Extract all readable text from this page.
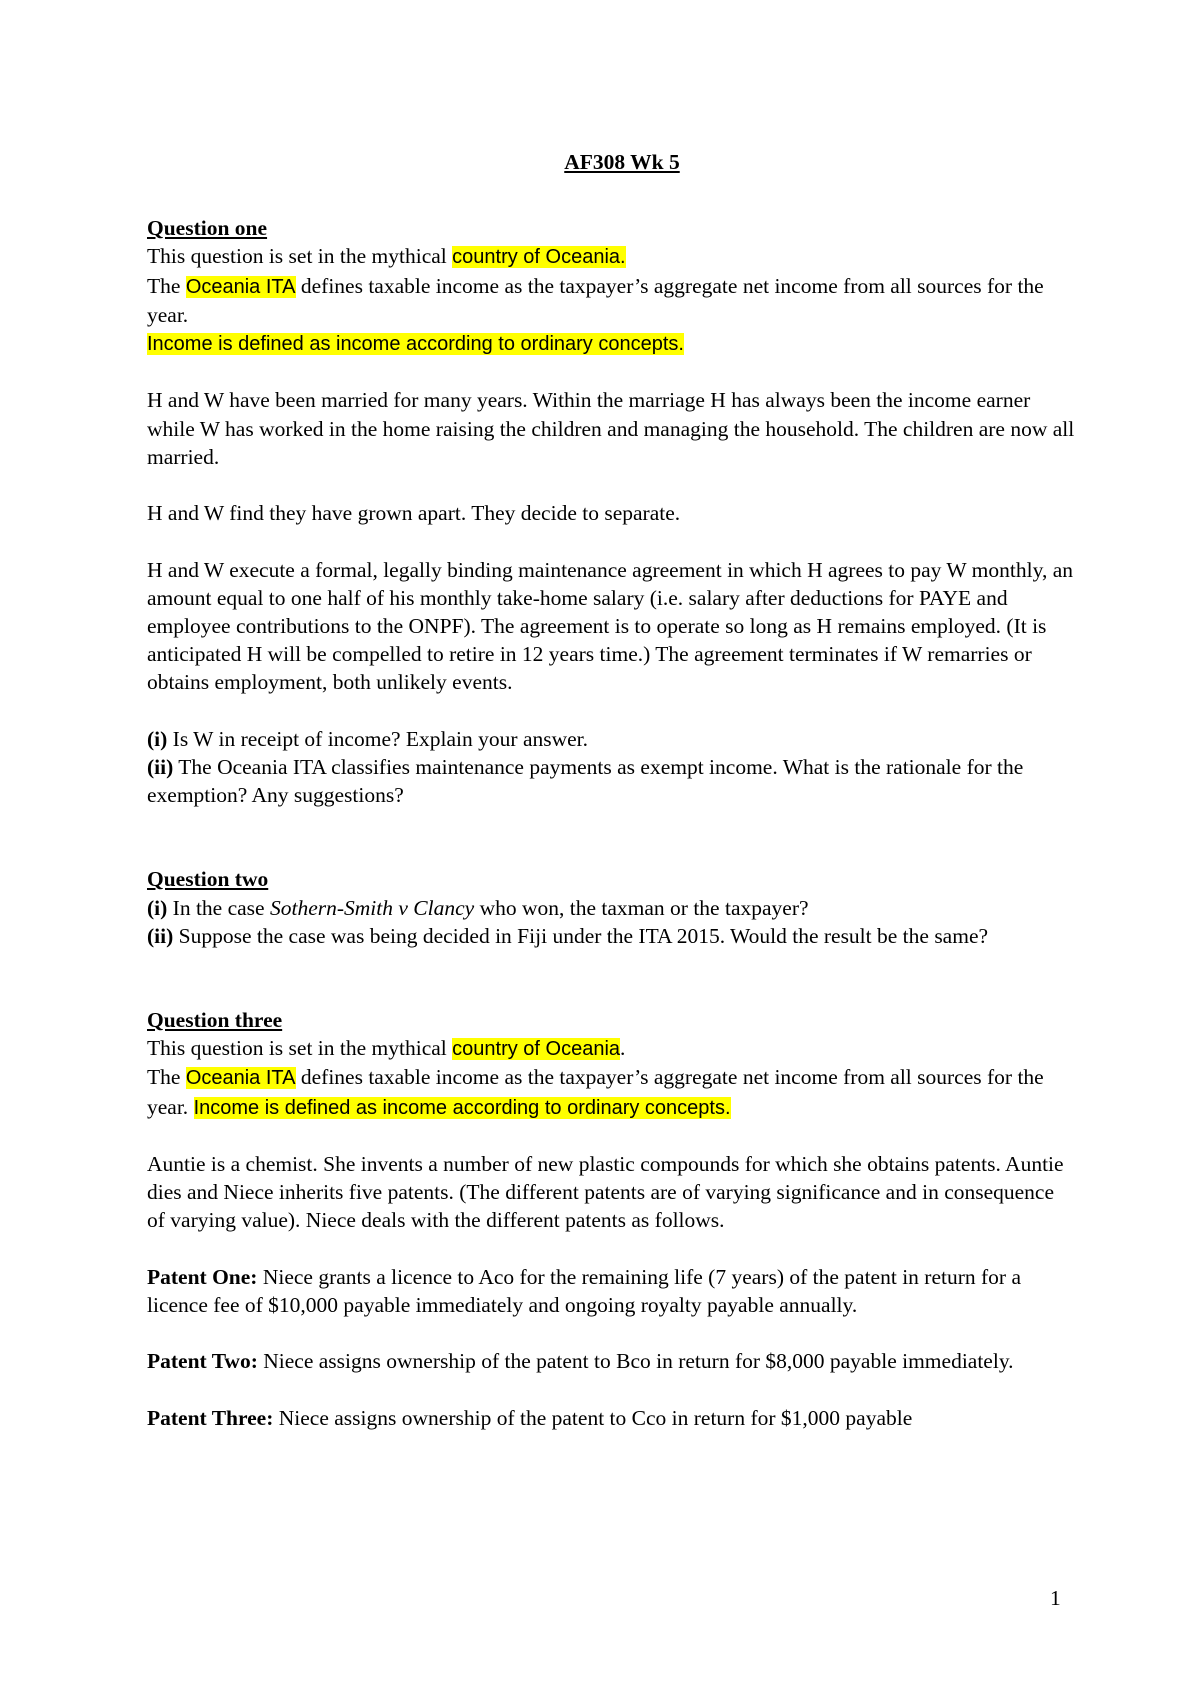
AF308 Wk 5

Question one

This question is set in the mythical country of Oceania.

The Oceania ITA defines taxable income as the taxpayer’s aggregate net income from all sources for the year.

Income is defined as income according to ordinary concepts.

H and W have been married for many years. Within the marriage H has always been the income earner while W has worked in the home raising the children and managing the household. The children are now all married.

H and W find they have grown apart. They decide to separate.

H and W execute a formal, legally binding maintenance agreement in which H agrees to pay W monthly, an amount equal to one half of his monthly take-home salary (i.e. salary after deductions for PAYE and employee contributions to the ONPF). The agreement is to operate so long as H remains employed. (It is anticipated H will be compelled to retire in 12 years time.) The agreement terminates if W remarries or obtains employment, both unlikely events.

(i) Is W in receipt of income? Explain your answer.

(ii) The Oceania ITA classifies maintenance payments as exempt income. What is the rationale for the exemption? Any suggestions?

Question two

(i) In the case Sothern-Smith v Clancy who won, the taxman or the taxpayer?

(ii) Suppose the case was being decided in Fiji under the ITA 2015. Would the result be the same?

Question three

This question is set in the mythical country of Oceania.

The Oceania ITA defines taxable income as the taxpayer’s aggregate net income from all sources for the year. Income is defined as income according to ordinary concepts.

Auntie is a chemist. She invents a number of new plastic compounds for which she obtains patents. Auntie dies and Niece inherits five patents. (The different patents are of varying significance and in consequence of varying value). Niece deals with the different patents as follows.

Patent One: Niece grants a licence to Aco for the remaining life (7 years) of the patent in return for a licence fee of $10,000 payable immediately and ongoing royalty payable annually.

Patent Two: Niece assigns ownership of the patent to Bco in return for $8,000 payable immediately.

Patent Three: Niece assigns ownership of the patent to Cco in return for $1,000 payable

1
